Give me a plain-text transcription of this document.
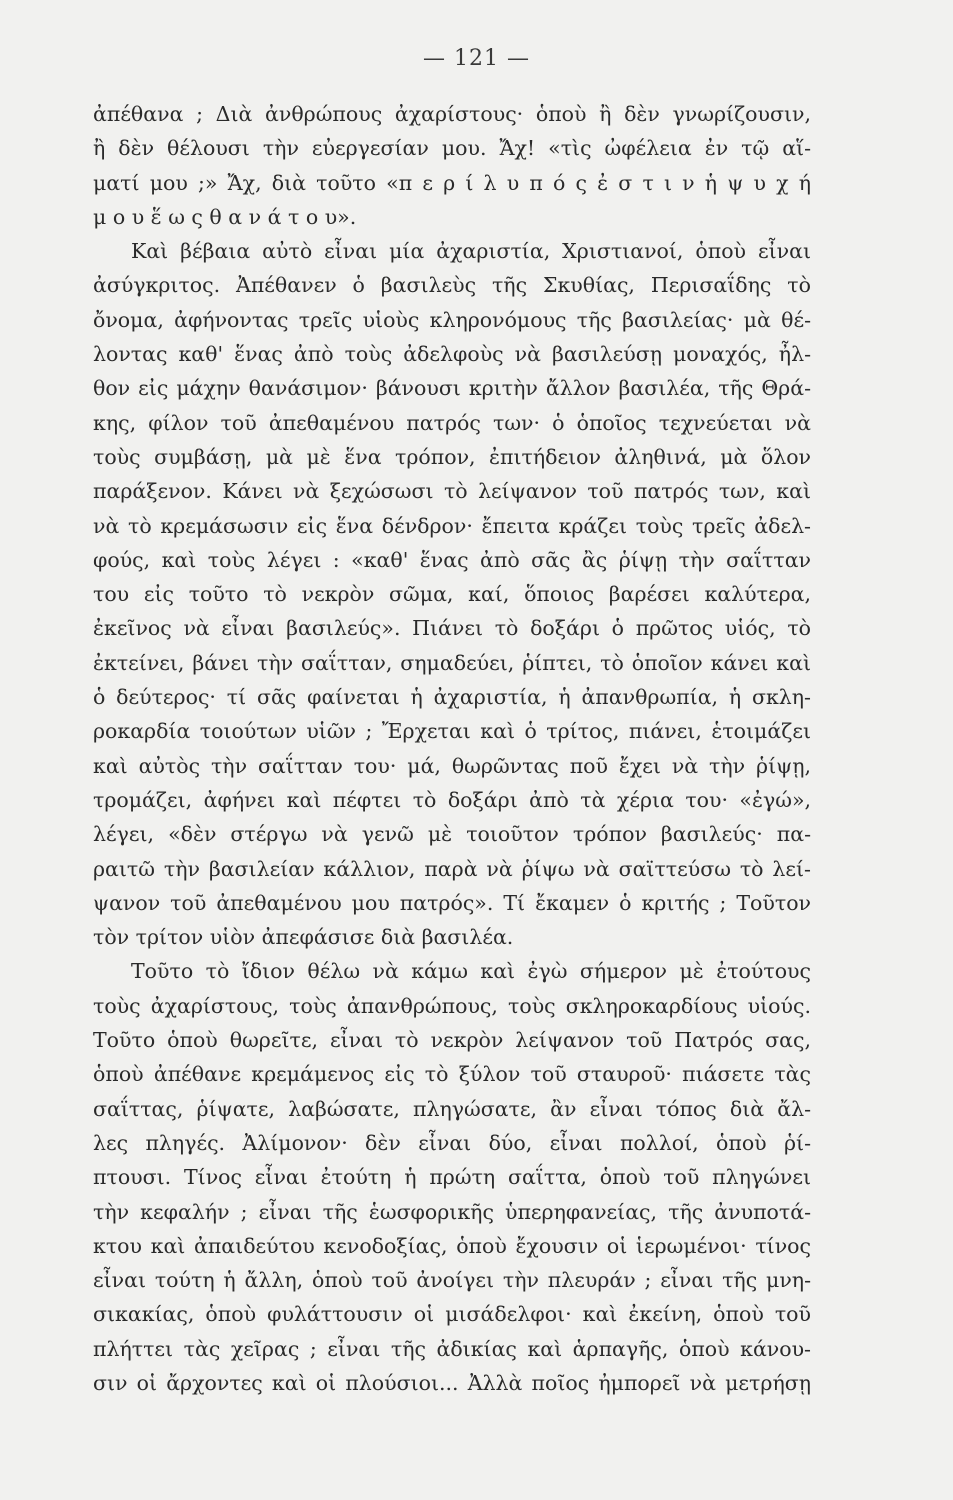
— 121 —
ἀπέθανα ; Διὰ ἀνθρώπους ἀχαρίστους· ὁποὺ ἢ δὲν γνωρίζουσιν,
ἢ δὲν θέλουσι τὴν εὐεργεσίαν μου. Ἄχ! «τὶς ὠφέλεια ἐν τῷ αἵ-
ματί μου ;» Ἄχ, διὰ τοῦτο «π ε ρ ί λ υ π ό ς ἐ σ τ ι ν ἡ ψ υ χ ή
μ ο υ ἕ ω ς θ α ν ά τ ο υ».
Καὶ βέβαια αὐτὸ εἶναι μία ἀχαριστία, Χριστιανοί, ὁποὺ εἶναι
ἀσύγκριτος. Ἀπέθανεν ὁ βασιλεὺς τῆς Σκυθίας, Περισαΐδης τὸ
ὄνομα, ἀφήνοντας τρεῖς υἱοὺς κληρονόμους τῆς βασιλείας· μὰ θέ-
λοντας καθ' ἕνας ἀπὸ τοὺς ἀδελφοὺς νὰ βασιλεύσῃ μοναχός, ἦλ-
θον εἰς μάχην θανάσιμον· βάνουσι κριτὴν ἄλλον βασιλέα, τῆς Θρά-
κης, φίλον τοῦ ἀπεθαμένου πατρός των· ὁ ὁποῖος τεχνεύεται νὰ
τοὺς συμβάσῃ, μὰ μὲ ἕνα τρόπον, ἐπιτήδειον ἀληθινά, μὰ ὅλον
παράξενον. Κάνει νὰ ξεχώσωσι τὸ λείψανον τοῦ πατρός των, καὶ
νὰ τὸ κρεμάσωσιν εἰς ἕνα δένδρον· ἔπειτα κράζει τοὺς τρεῖς ἀδελ-
φούς, καὶ τοὺς λέγει : «καθ' ἕνας ἀπὸ σᾶς ἂς ῥίψῃ τὴν σαΐτταν
του εἰς τοῦτο τὸ νεκρὸν σῶμα, καί, ὅποιος βαρέσει καλύτερα,
ἐκεῖνος νὰ εἶναι βασιλεύς». Πιάνει τὸ δοξάρι ὁ πρῶτος υἱός, τὸ
ἐκτείνει, βάνει τὴν σαΐτταν, σημαδεύει, ῥίπτει, τὸ ὁποῖον κάνει καὶ
ὁ δεύτερος· τί σᾶς φαίνεται ἡ ἀχαριστία, ἡ ἀπανθρωπία, ἡ σκλη-
ροκαρδία τοιούτων υἱῶν ; Ἔρχεται καὶ ὁ τρίτος, πιάνει, ἑτοιμάζει
καὶ αὐτὸς τὴν σαΐτταν του· μά, θωρῶντας ποῦ ἔχει νὰ τὴν ῥίψῃ,
τρομάζει, ἀφήνει καὶ πέφτει τὸ δοξάρι ἀπὸ τὰ χέρια του· «ἐγώ»,
λέγει, «δὲν στέργω νὰ γενῶ μὲ τοιοῦτον τρόπον βασιλεύς· πα-
ραιτῶ τὴν βασιλείαν κάλλιον, παρὰ νὰ ῥίψω νὰ σαϊττεύσω τὸ λεί-
ψανον τοῦ ἀπεθαμένου μου πατρός». Τί ἔκαμεν ὁ κριτής ; Τοῦτον
τὸν τρίτον υἱὸν ἀπεφάσισε διὰ βασιλέα.
Τοῦτο τὸ ἴδιον θέλω νὰ κάμω καὶ ἐγὼ σήμερον μὲ ἐτούτους
τοὺς ἀχαρίστους, τοὺς ἀπανθρώπους, τοὺς σκληροκαρδίους υἱούς.
Τοῦτο ὁποὺ θωρεῖτε, εἶναι τὸ νεκρὸν λείψανον τοῦ Πατρός σας,
ὁποὺ ἀπέθανε κρεμάμενος εἰς τὸ ξύλον τοῦ σταυροῦ· πιάσετε τὰς
σαΐττας, ῥίψατε, λαβώσατε, πληγώσατε, ἂν εἶναι τόπος διὰ ἄλ-
λες πληγές. Ἀλίμονον· δὲν εἶναι δύο, εἶναι πολλοί, ὁποὺ ῥί-
πτουσι. Τίνος εἶναι ἐτούτη ἡ πρώτη σαΐττα, ὁποὺ τοῦ πληγώνει
τὴν κεφαλήν ; εἶναι τῆς ἑωσφορικῆς ὑπερηφανείας, τῆς ἀνυποτά-
κτου καὶ ἀπαιδεύτου κενοδοξίας, ὁποὺ ἔχουσιν οἱ ἱερωμένοι· τίνος
εἶναι τούτη ἡ ἄλλη, ὁποὺ τοῦ ἀνοίγει τὴν πλευράν ; εἶναι τῆς μνη-
σικακίας, ὁποὺ φυλάττουσιν οἱ μισάδελφοι· καὶ ἐκείνη, ὁποὺ τοῦ
πλήττει τὰς χεῖρας ; εἶναι τῆς ἀδικίας καὶ ἁρπαγῆς, ὁποὺ κάνου-
σιν οἱ ἄρχοντες καὶ οἱ πλούσιοι... Ἀλλὰ ποῖος ἠμπορεῖ νὰ μετρήσῃ
